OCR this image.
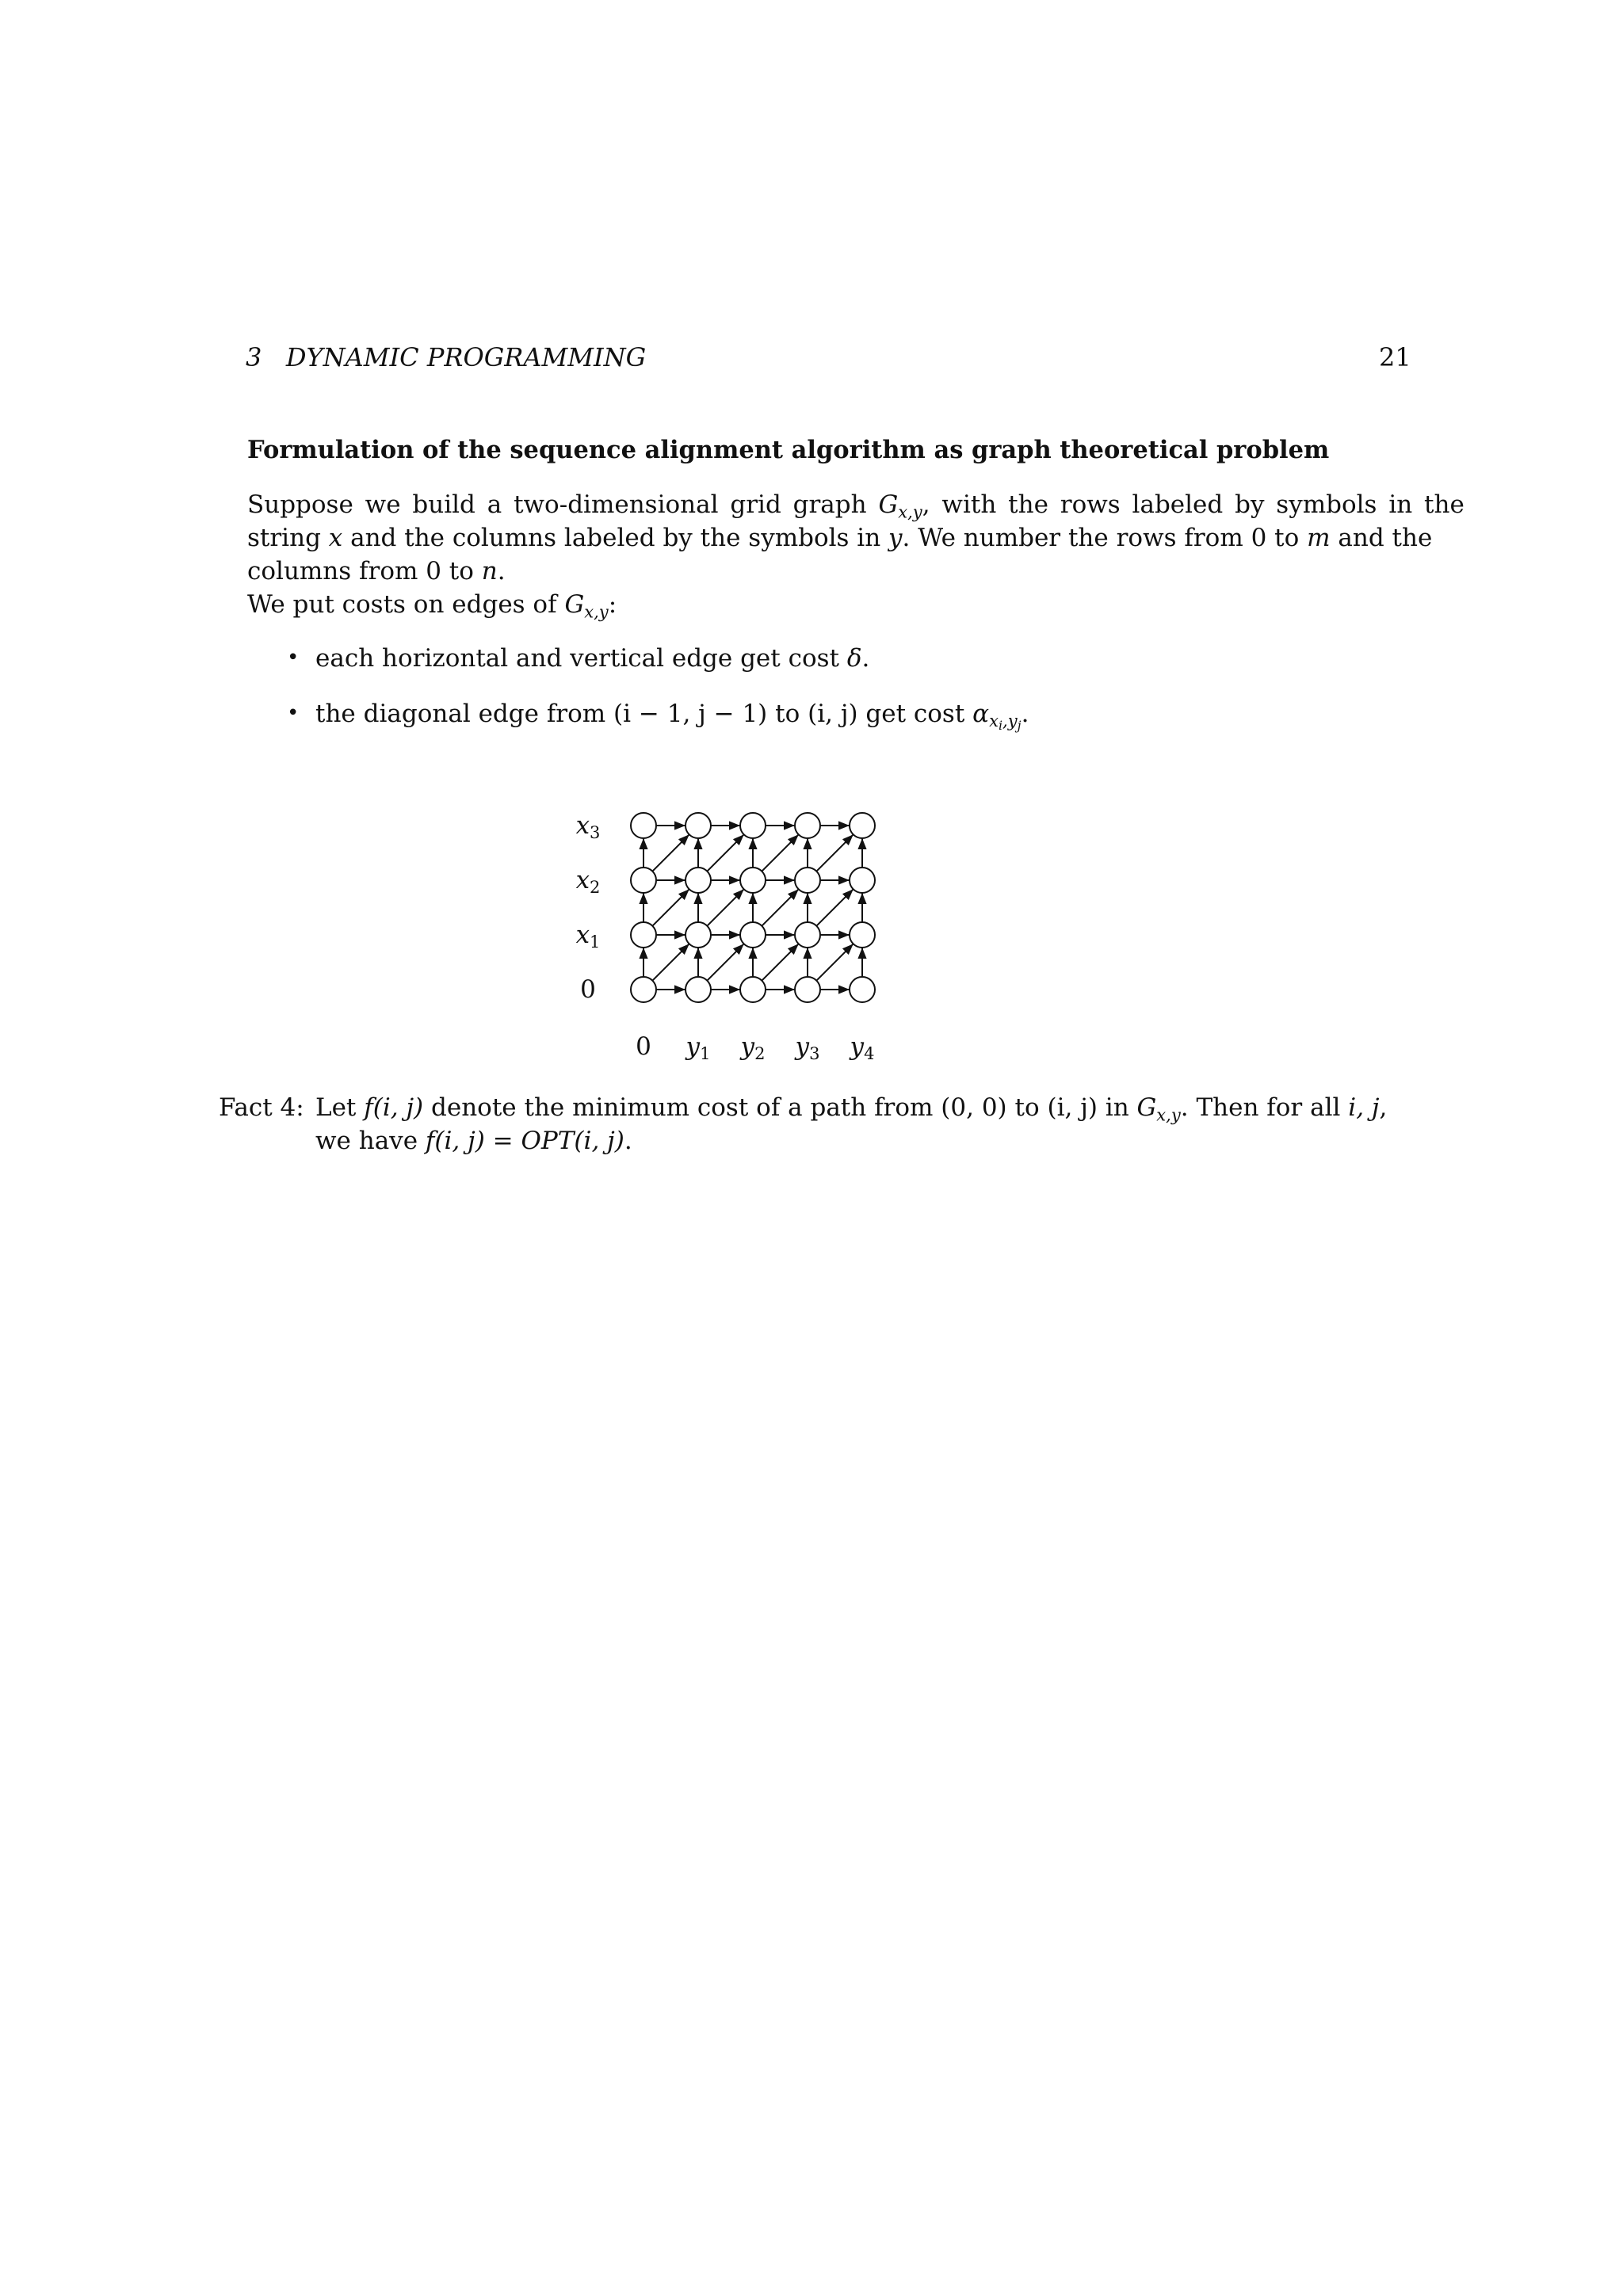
3   DYNAMIC PROGRAMMING	21
Formulation of the sequence alignment algorithm as graph theoretical problem
Suppose we build a two-dimensional grid graph $G_{x,y}$, with the rows labeled by symbols in the
string x and the columns labeled by the symbols in y. We number the rows from 0 to m and the
columns from 0 to n.
We put costs on edges of $G_{x,y}$:
• each horizontal and vertical edge get cost δ.
• the diagonal edge from (i − 1, j − 1) to (i, j) get cost $\alpha_{x_i,y_j}$.
x3
x2
x1
0
0 y1 y2 y3 y4
Fact 4: Let f(i, j) denote the minimum cost of a path from (0, 0) to (i, j) in $G_{x,y}$. Then for all i, j,
we have f(i, j) = OPT(i, j).
